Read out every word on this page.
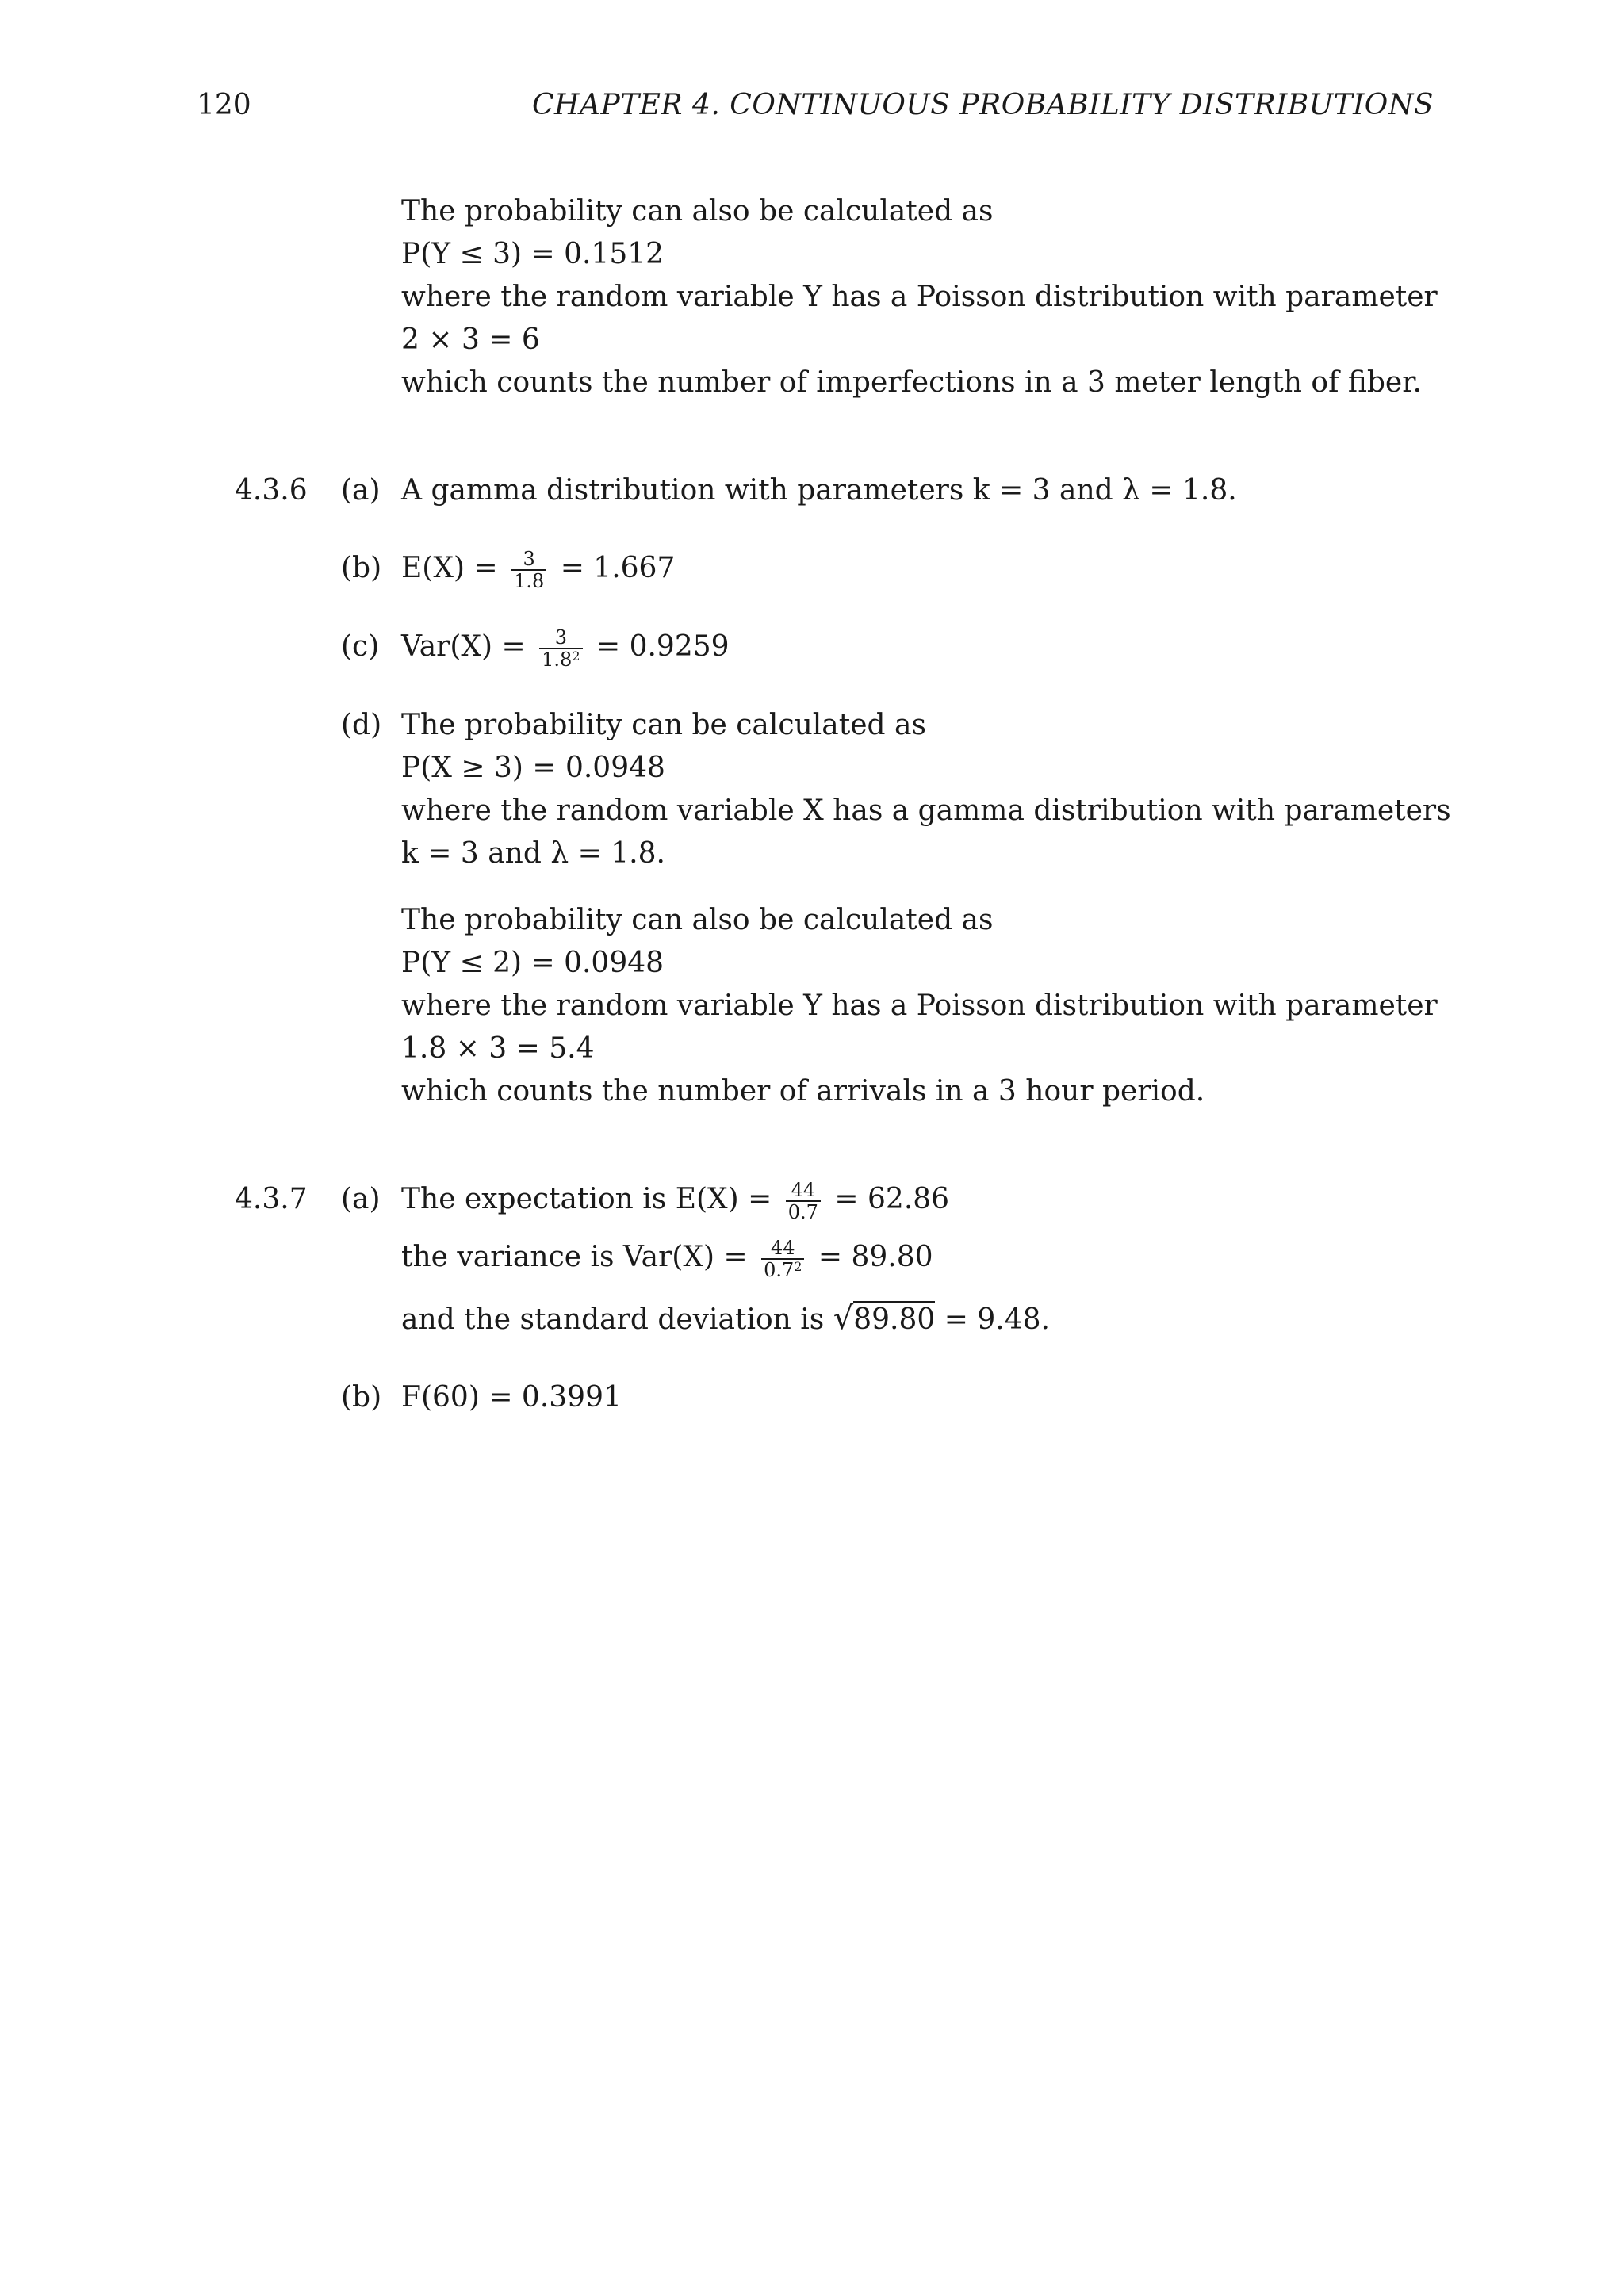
120	CHAPTER 4. CONTINUOUS PROBABILITY DISTRIBUTIONS
The probability can also be calculated as
P(Y ≤ 3) = 0.1512
where the random variable Y has a Poisson distribution with parameter
2 × 3 = 6
which counts the number of imperfections in a 3 meter length of fiber.
4.3.6 (a) A gamma distribution with parameters k = 3 and λ = 1.8.
(b) $E(X) = \frac{3}{1.8} = 1.667$
(c) $Var(X) = \frac{3}{1.8^2} = 0.9259$
(d) The probability can be calculated as
P(X ≥ 3) = 0.0948
where the random variable X has a gamma distribution with parameters
k = 3 and λ = 1.8.
The probability can also be calculated as
P(Y ≤ 2) = 0.0948
where the random variable Y has a Poisson distribution with parameter
1.8 × 3 = 5.4
which counts the number of arrivals in a 3 hour period.
4.3.7 (a) The expectation is $E(X) = \frac{44}{0.7} = 62.86$
the variance is $Var(X) = \frac{44}{0.7^2} = 89.80$
and the standard deviation is √89.80 = 9.48.
(b) F(60) = 0.3991
